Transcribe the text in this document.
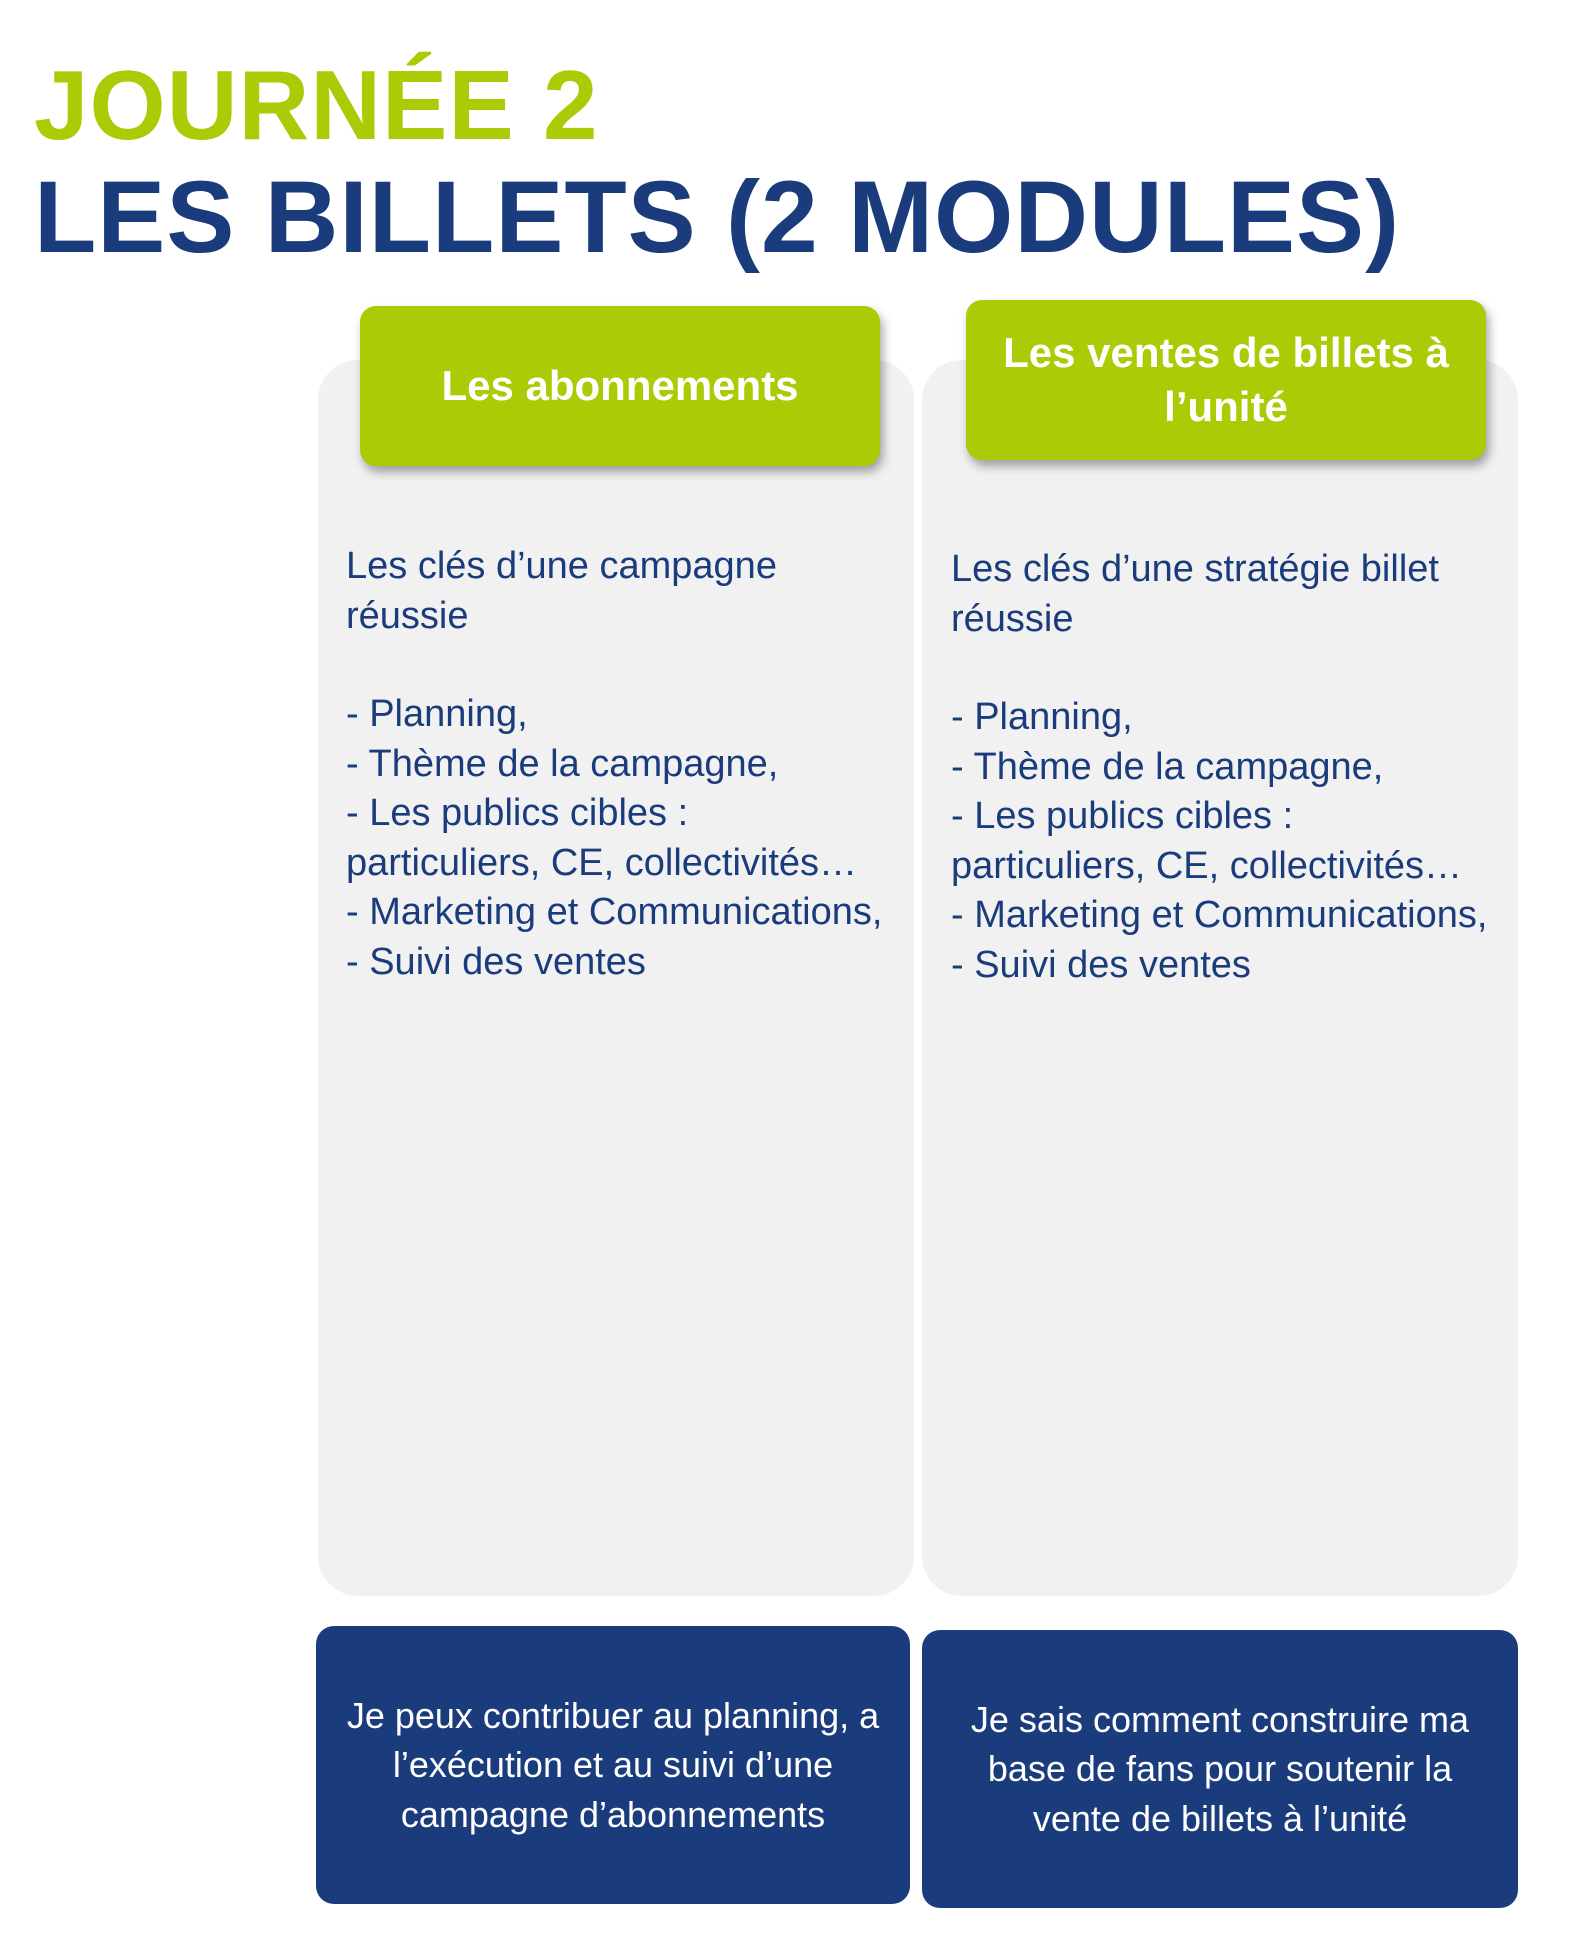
JOURNÉE 2
LES BILLETS (2 MODULES)
Les abonnements

Les clés d’une campagne réussie

- Planning,
- Thème de la campagne,
- Les publics cibles : particuliers, CE, collectivités…
- Marketing et Communications,
- Suivi des ventes
Je peux contribuer au planning, a l’exécution et au suivi d’une campagne d’abonnements
Les ventes de billets à l’unité

Les clés d’une stratégie billet réussie

- Planning,
- Thème de la campagne,
- Les publics cibles : particuliers, CE, collectivités…
- Marketing et Communications,
- Suivi des ventes
Je sais comment construire ma base de fans pour soutenir la vente de billets à l’unité
